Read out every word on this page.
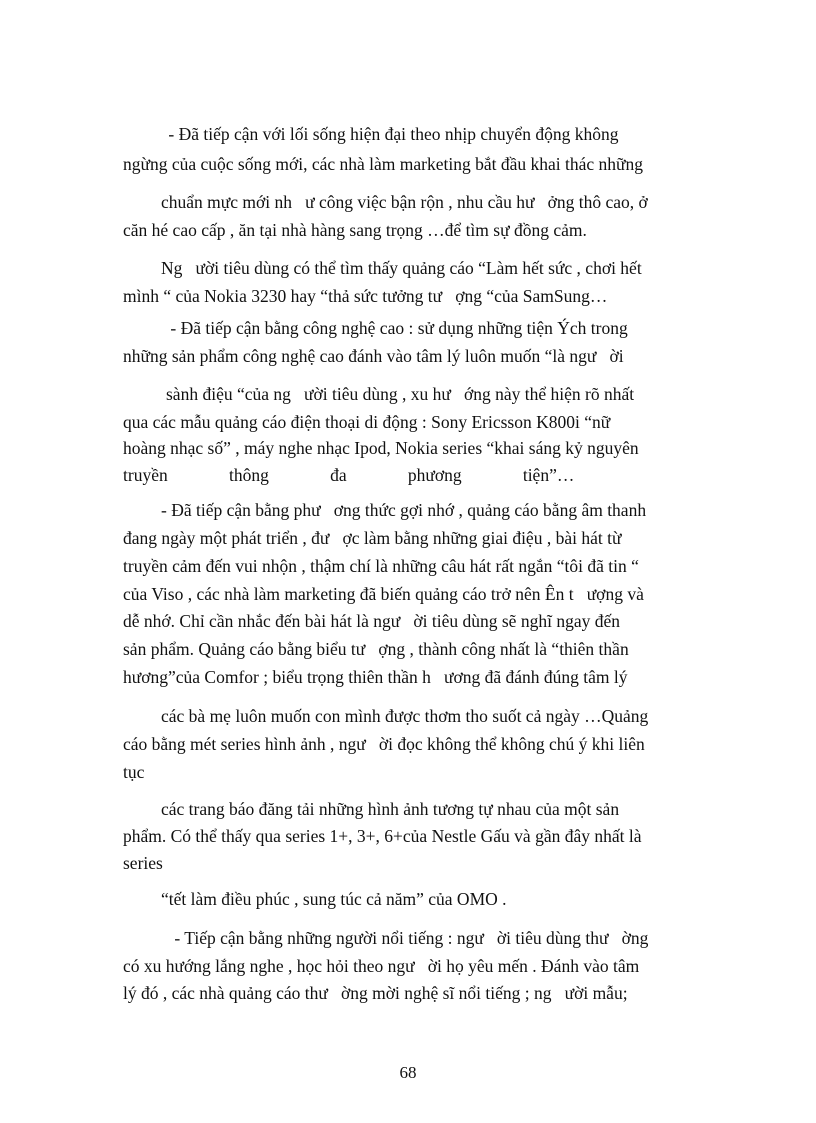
- Đã tiếp cận với lối sống hiện đại theo nhịp chuyển động không
ngừng của cuộc sống mới, các nhà làm marketing bắt đầu khai thác những
chuẩn mực mới nh   ư công việc bận rộn , nhu cầu hư   ởng thô cao, ở
căn hé cao cấp , ăn tại nhà hàng sang trọng …để tìm sự đồng cảm.
Ng   ười tiêu dùng có thể tìm thấy quảng cáo “Làm hết sức , chơi hết
mình “ của Nokia 3230 hay “thả sức tưởng tư   ợng “của SamSung…
- Đã tiếp cận bằng công nghệ cao : sử dụng những tiện Ých trong
những sản phẩm công nghệ cao đánh vào tâm lý luôn muốn “là ngư   ời
sành điệu “của ng   ười tiêu dùng , xu hư   ớng này thể hiện rõ nhất
qua các mẫu quảng cáo điện thoại di động : Sony Ericsson K800i “nữ
hoàng nhạc số” , máy nghe nhạc Ipod, Nokia series “khai sáng kỷ nguyên
truyền              thông              đa              phương              tiện”…
- Đã tiếp cận bằng phư   ơng thức gợi nhớ , quảng cáo bằng âm thanh
đang ngày một phát triển , đư   ợc làm bằng những giai điệu , bài hát từ
truyền cảm đến vui nhộn , thậm chí là những câu hát rất ngắn “tôi đã tin “
của Viso , các nhà làm marketing đã biến quảng cáo trở nên Ên t   ượng và
dễ nhớ. Chỉ cần nhắc đến bài hát là ngư   ời tiêu dùng sẽ nghĩ ngay đến
sản phẩm. Quảng cáo bằng biểu tư   ợng , thành công nhất là “thiên thần
hương”của Comfor ; biểu trọng thiên thần h   ương đã đánh đúng tâm lý
các bà mẹ luôn muốn con mình được thơm tho suốt cả ngày …Quảng
cáo bằng mét series hình ảnh , ngư   ời đọc không thể không chú ý khi liên
tục
các trang báo đăng tải những hình ảnh tương tự nhau của một sản
phẩm. Có thể thấy qua series 1+, 3+, 6+của Nestle Gấu và gần đây nhất là
series
“tết làm điều phúc , sung túc cả năm” của OMO .
- Tiếp cận bằng những người nổi tiếng : ngư   ời tiêu dùng thư   ờng
có xu hướng lắng nghe , học hỏi theo ngư   ời họ yêu mến . Đánh vào tâm
lý đó , các nhà quảng cáo thư   ờng mời nghệ sĩ nổi tiếng ; ng   ười mẫu;
68
